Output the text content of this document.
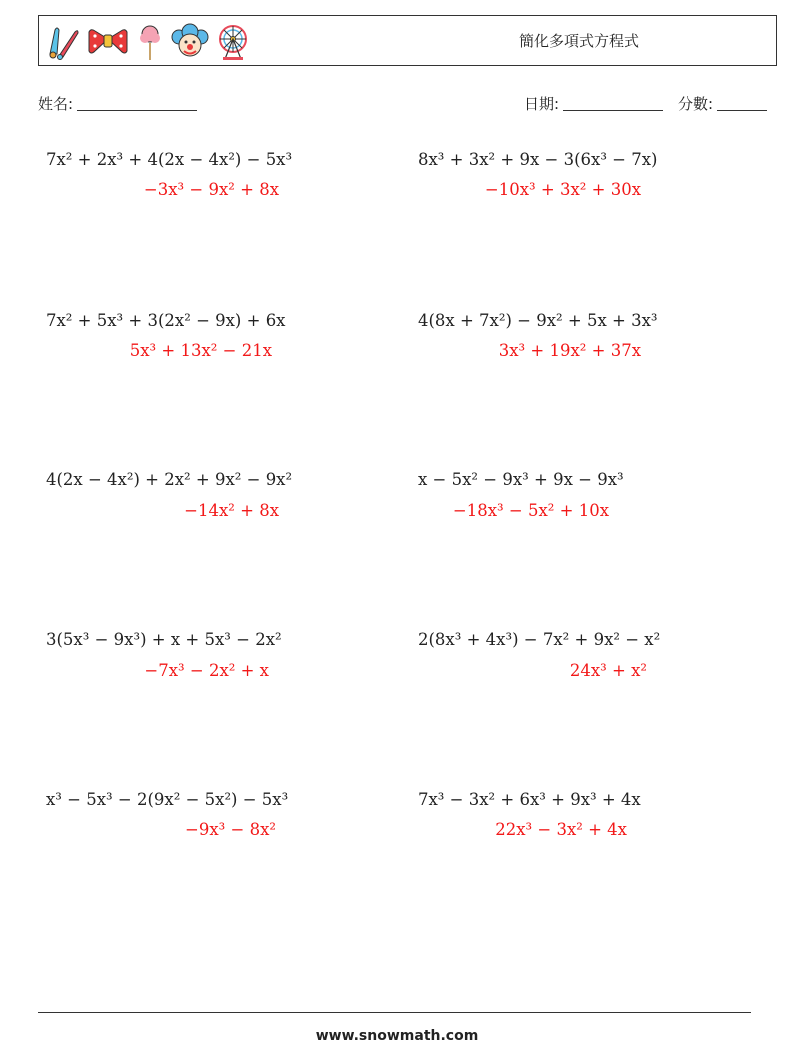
簡化多項式方程式
姓名:	日期:	分數:
7x² + 2x³ + 4(2x − 4x²) − 5x³
−3x³ − 9x² + 8x
8x³ + 3x² + 9x − 3(6x³ − 7x)
−10x³ + 3x² + 30x
7x² + 5x³ + 3(2x² − 9x) + 6x
5x³ + 13x² − 21x
4(8x + 7x²) − 9x² + 5x + 3x³
3x³ + 19x² + 37x
4(2x − 4x²) + 2x² + 9x² − 9x²
−14x² + 8x
x − 5x² − 9x³ + 9x − 9x³
−18x³ − 5x² + 10x
3(5x³ − 9x³) + x + 5x³ − 2x²
−7x³ − 2x² + x
2(8x³ + 4x³) − 7x² + 9x² − x²
24x³ + x²
x³ − 5x³ − 2(9x² − 5x²) − 5x³
−9x³ − 8x²
7x³ − 3x² + 6x³ + 9x³ + 4x
22x³ − 3x² + 4x
www.snowmath.com
